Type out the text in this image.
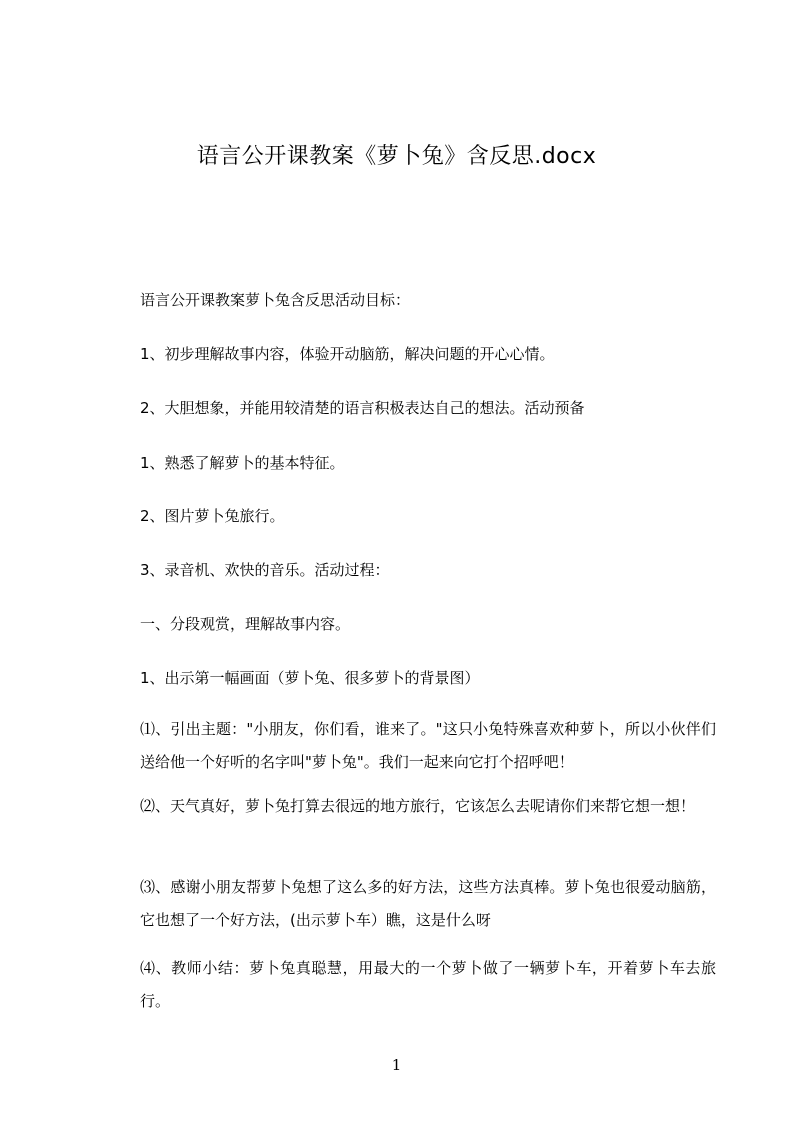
语言公开课教案《萝卜兔》含反思.docx
语言公开课教案萝卜兔含反思活动目标：
1、初步理解故事内容，体验开动脑筋，解决问题的开心心情。
2、大胆想象，并能用较清楚的语言积极表达自己的想法。活动预备
1、熟悉了解萝卜的基本特征。
2、图片萝卜兔旅行。
3、录音机、欢快的音乐。活动过程：
一、分段观赏，理解故事内容。
1、出示第一幅画面（萝卜兔、很多萝卜的背景图）
⑴、引出主题："小朋友，你们看，谁来了。"这只小兔特殊喜欢种萝卜，所以小伙伴们送给他一个好听的名字叫"萝卜兔"。我们一起来向它打个招呼吧！
⑵、天气真好，萝卜兔打算去很远的地方旅行，它该怎么去呢请你们来帮它想一想！
⑶、感谢小朋友帮萝卜兔想了这么多的好方法，这些方法真棒。萝卜兔也很爱动脑筋，它也想了一个好方法，(出示萝卜车）瞧，这是什么呀
⑷、教师小结：萝卜兔真聪慧，用最大的一个萝卜做了一辆萝卜车，开着萝卜车去旅行。
1
